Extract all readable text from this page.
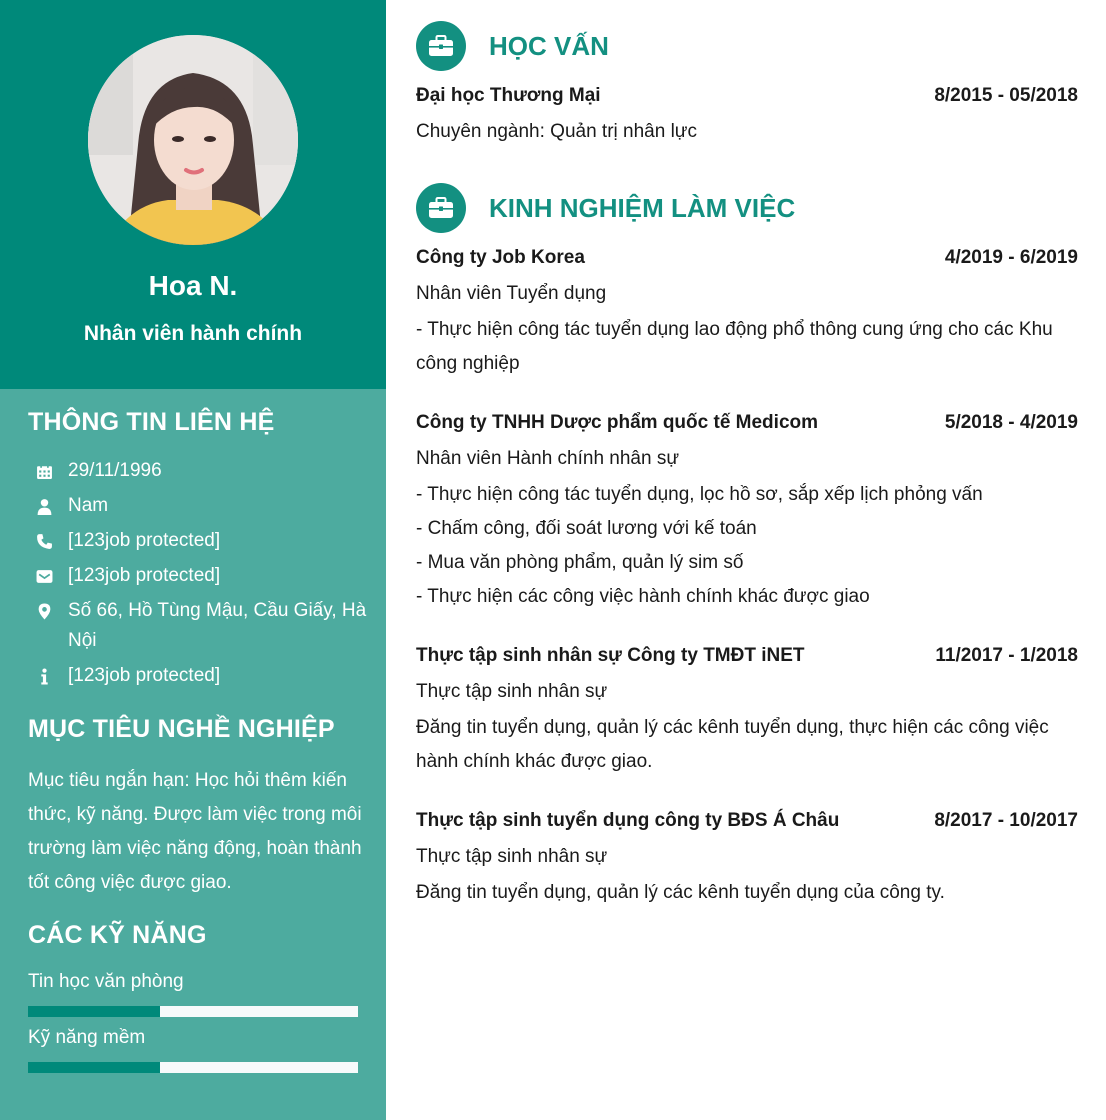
Hoa N.
Nhân viên hành chính
THÔNG TIN LIÊN HỆ
29/11/1996
Nam
[123job protected]
[123job protected]
Số 66, Hồ Tùng Mậu, Cầu Giấy, Hà Nội
[123job protected]
MỤC TIÊU NGHỀ NGHIỆP

Mục tiêu ngắn hạn: Học hỏi thêm kiến thức, kỹ năng. Được làm việc trong môi trường làm việc năng động, hoàn thành tốt công việc được giao.

CÁC KỸ NĂNG
Tin học văn phòng
Kỹ năng mềm
HỌC VẤN
Đại học Thương Mại	8/2015 - 05/2018
Chuyên ngành: Quản trị nhân lực
KINH NGHIỆM LÀM VIỆC
Công ty Job Korea	4/2019 - 6/2019
Nhân viên Tuyển dụng
- Thực hiện công tác tuyển dụng lao động phổ thông cung ứng cho các Khu công nghiệp
Công ty TNHH Dược phẩm quốc tế Medicom	5/2018 - 4/2019
Nhân viên Hành chính nhân sự
- Thực hiện công tác tuyển dụng, lọc hồ sơ, sắp xếp lịch phỏng vấn
- Chấm công, đối soát lương với kế toán
- Mua văn phòng phẩm, quản lý sim số
- Thực hiện các công việc hành chính khác được giao
Thực tập sinh nhân sự Công ty TMĐT iNET	11/2017 - 1/2018
Thực tập sinh nhân sự
Đăng tin tuyển dụng, quản lý các kênh tuyển dụng, thực hiện các công việc hành chính khác được giao.
Thực tập sinh tuyển dụng công ty BĐS Á Châu	8/2017 - 10/2017
Thực tập sinh nhân sự
Đăng tin tuyển dụng, quản lý các kênh tuyển dụng của công ty.
